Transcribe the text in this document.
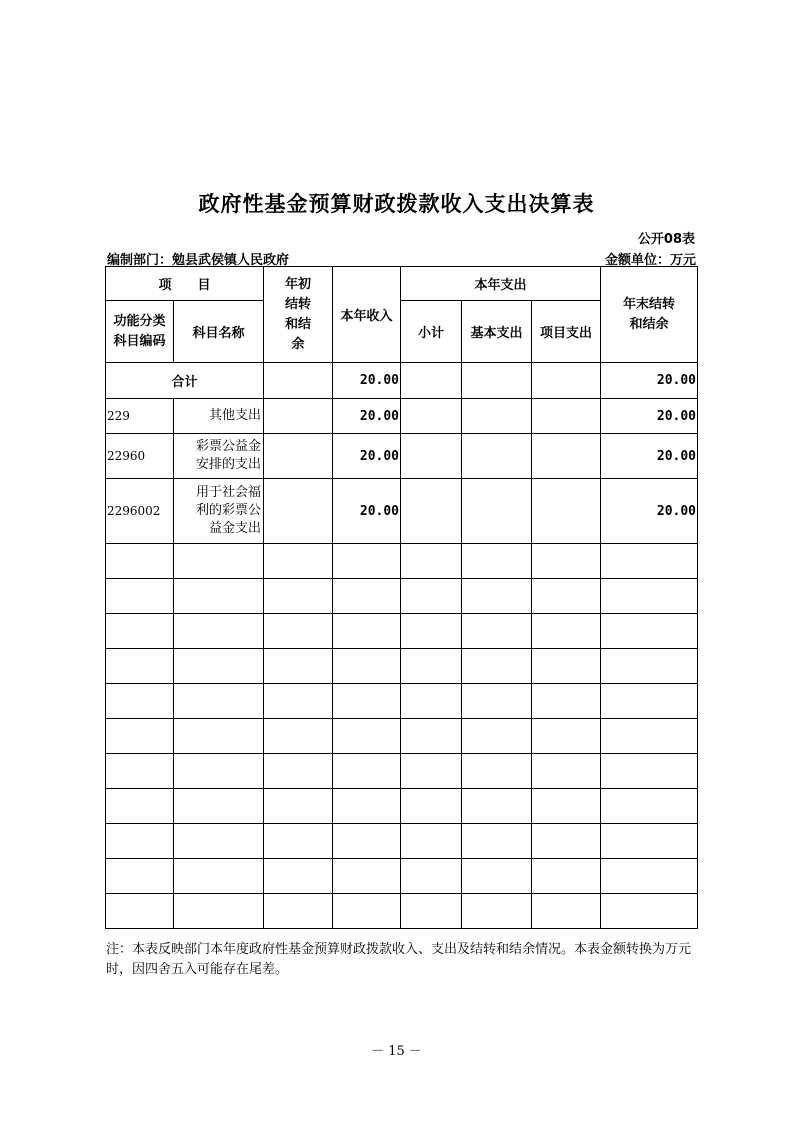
政府性基金预算财政拨款收入支出决算表
公开08表
编制部门：勉县武侯镇人民政府	金额单位：万元
项　　目		年初结转和结余	本年收入	本年支出			年末结转和结余

功能分类科目编码	科目名称			小计	基本支出	项目支出	
合计			20.00				20.00
229	其他支出		20.00				20.00
22960	彩票公益金安排的支出		20.00				20.00
2296002	用于社会福利的彩票公益金支出		20.00				20.00

注：本表反映部门本年度政府性基金预算财政拨款收入、支出及结转和结余情况。本表金额转换为万元时，因四舍五入可能存在尾差。
－ 15 －
